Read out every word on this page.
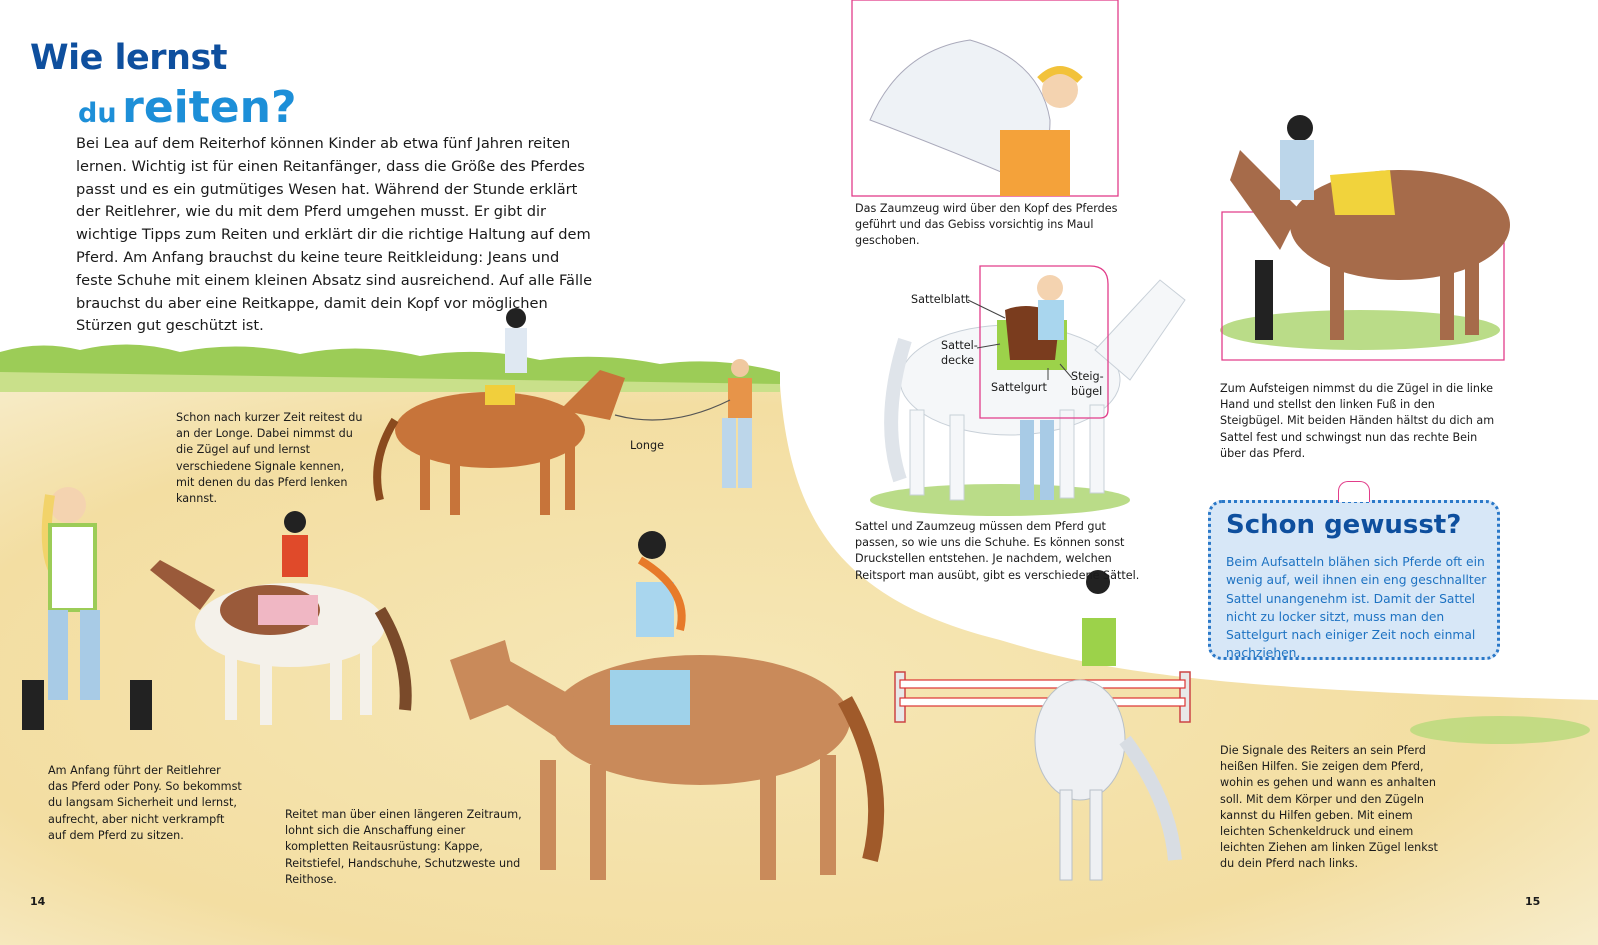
Wie lernst
du reiten?
Bei Lea auf dem Reiterhof können Kinder ab etwa fünf Jahren reiten lernen. Wichtig ist für einen Reitanfänger, dass die Größe des Pferdes passt und es ein gutmütiges Wesen hat. Während der Stunde erklärt der Reitlehrer, wie du mit dem Pferd umgehen musst. Er gibt dir wichtige Tipps zum Reiten und erklärt dir die richtige Haltung auf dem Pferd. Am Anfang brauchst du keine teure Reitkleidung: Jeans und feste Schuhe mit einem kleinen Absatz sind ausreichend. Auf alle Fälle brauchst du aber eine Reitkappe, damit dein Kopf vor möglichen Stürzen gut geschützt ist.
Schon nach kurzer Zeit reitest du an der Longe. Dabei nimmst du die Zügel auf und lernst verschiedene Signale kennen, mit denen du das Pferd lenken kannst.
Longe
Am Anfang führt der Reitlehrer das Pferd oder Pony. So bekommst du langsam Sicherheit und lernst, aufrecht, aber nicht verkrampft auf dem Pferd zu sitzen.
Reitet man über einen längeren Zeitraum, lohnt sich die Anschaffung einer kompletten Reitausrüstung: Kappe, Reitstiefel, Handschuhe, Schutzweste und Reithose.
Das Zaumzeug wird über den Kopf des Pferdes geführt und das Gebiss vorsichtig ins Maul geschoben.
Sattelblatt
Sattel-
decke
Sattelgurt
Steig-
bügel
Sattel und Zaumzeug müssen dem Pferd gut passen, so wie uns die Schuhe. Es können sonst Druckstellen entstehen. Je nachdem, welchen Reitsport man ausübt, gibt es verschiedene Sättel.
Zum Aufsteigen nimmst du die Zügel in die linke Hand und stellst den linken Fuß in den Steigbügel. Mit beiden Händen hältst du dich am Sattel fest und schwingst nun das rechte Bein über das Pferd.
Die Signale des Reiters an sein Pferd heißen Hilfen. Sie zeigen dem Pferd, wohin es gehen und wann es anhalten soll. Mit dem Körper und den Zügeln kannst du Hilfen geben. Mit einem leichten Schenkeldruck und einem leichten Ziehen am linken Zügel lenkst du dein Pferd nach links.
Schon gewusst?
Beim Aufsatteln blähen sich Pferde oft ein wenig auf, weil ihnen ein eng geschnallter Sattel unangenehm ist. Damit der Sattel nicht zu locker sitzt, muss man den Sattelgurt nach einiger Zeit noch einmal nachziehen.
14	15
